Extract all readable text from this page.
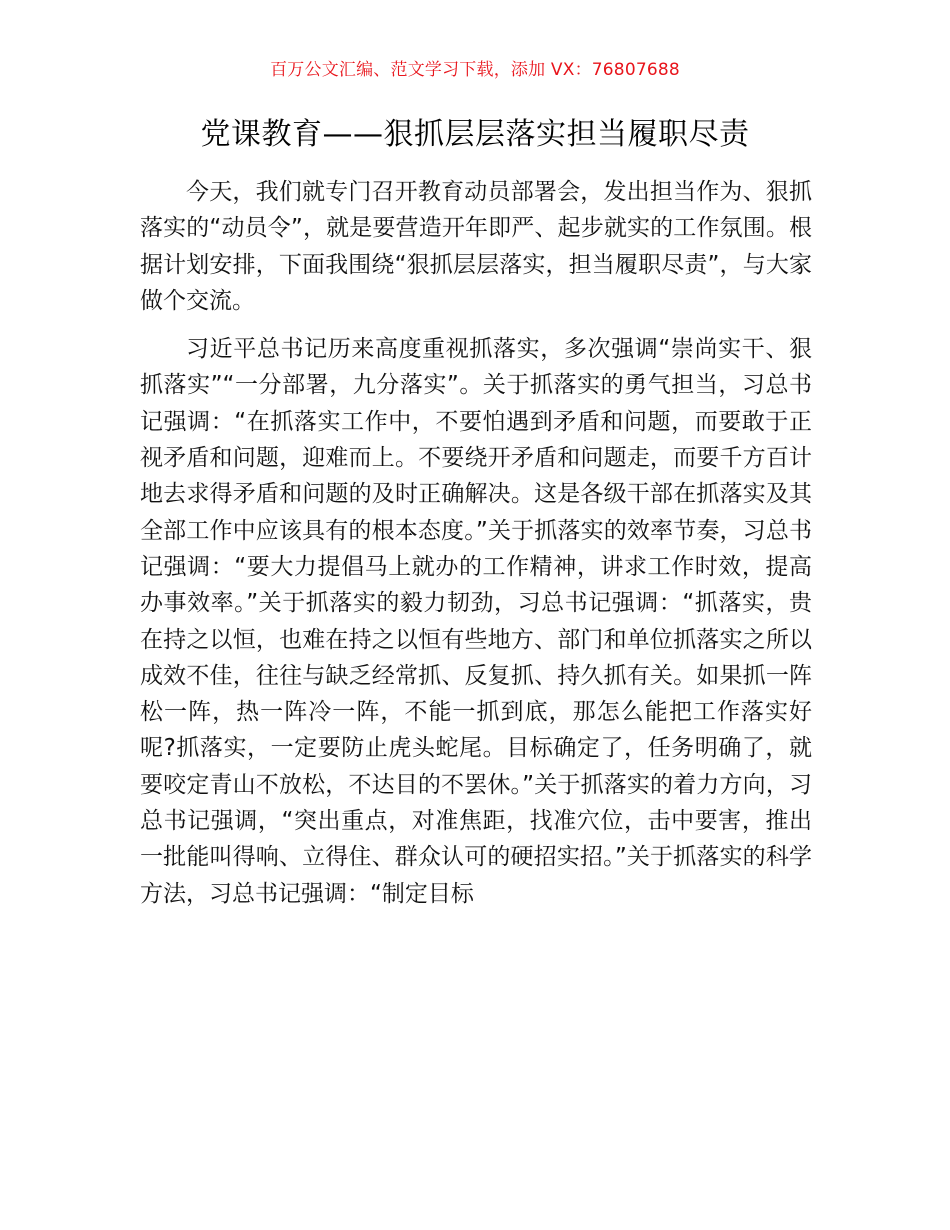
百万公文汇编、范文学习下载，添加 VX：76807688
党课教育——狠抓层层落实担当履职尽责

今天，我们就专门召开教育动员部署会，发出担当作为、狠抓落实的“动员令”，就是要营造开年即严、起步就实的工作氛围。根据计划安排，下面我围绕“狠抓层层落实，担当履职尽责”，与大家做个交流。

习近平总书记历来高度重视抓落实，多次强调“崇尚实干、狠抓落实”“一分部署，九分落实”。关于抓落实的勇气担当，习总书记强调：“在抓落实工作中，不要怕遇到矛盾和问题，而要敢于正视矛盾和问题，迎难而上。不要绕开矛盾和问题走，而要千方百计地去求得矛盾和问题的及时正确解决。这是各级干部在抓落实及其全部工作中应该具有的根本态度。”关于抓落实的效率节奏，习总书记强调：“要大力提倡马上就办的工作精神，讲求工作时效，提高办事效率。”关于抓落实的毅力韧劲，习总书记强调：“抓落实，贵在持之以恒，也难在持之以恒有些地方、部门和单位抓落实之所以成效不佳，往往与缺乏经常抓、反复抓、持久抓有关。如果抓一阵松一阵，热一阵冷一阵，不能一抓到底，那怎么能把工作落实好呢?抓落实，一定要防止虎头蛇尾。目标确定了，任务明确了，就要咬定青山不放松，不达目的不罢休。”关于抓落实的着力方向，习总书记强调，“突出重点，对准焦距，找准穴位，击中要害，推出一批能叫得响、立得住、群众认可的硬招实招。”关于抓落实的科学方法，习总书记强调：“制定目标
